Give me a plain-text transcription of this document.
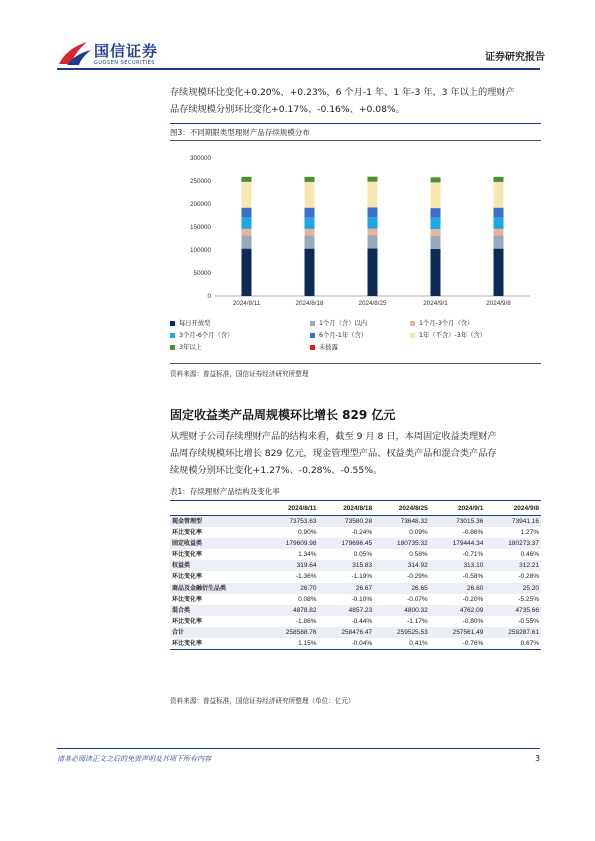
国信证券
GUOSEN SECURITIES	证券研究报告
存续规模环比变化+0.20%、+0.23%，6 个月-1 年、1 年-3 年、3 年以上的理财产
品存续规模分别环比变化+0.17%、-0.16%、+0.08%。
图3：不同期限类型理财产品存续规模分布
0
50000
100000
150000
200000
250000
300000
2024/8/11	2024/8/18	2024/8/25	2024/9/1	2024/9/8
每日开放型	1个月（含）以内	1个月-3个月（含）
3个月-6个月（含）	6个月-1年（含）	1年（不含）-3年（含）
3年以上	未披露
资料来源：普益标准，国信证券经济研究所整理
固定收益类产品周规模环比增长 829 亿元
从理财子公司存续理财产品的结构来看，截至 9 月 8 日，本周固定收益类理财产
品周存续规模环比增长 829 亿元，现金管理型产品、权益类产品和混合类产品存
续规模分别环比变化+1.27%、-0.28%、-0.55%。
表1：存续理财产品结构及变化率
	2024/8/11	2024/8/18	2024/8/25	2024/9/1	2024/9/8
现金管理型	73753.63	73580.28	73648.32	73015.36	73941.16
环比变化率	0.90%	-0.24%	0.09%	-0.86%	1.27%
固定收益类	179609.98	179696.45	180735.32	179444.34	180273.37
环比变化率	1.34%	0.05%	0.58%	-0.71%	0.46%
权益类	319.64	315.83	314.92	313.10	312.21
环比变化率	-1.36%	-1.19%	-0.29%	-0.58%	-0.28%
商品及金融衍生品类	26.70	26.67	26.65	26.60	25.20
环比变化率	0.08%	-0.10%	-0.07%	-0.20%	-5.25%
混合类	4878.82	4857.23	4800.32	4762.09	4735.66
环比变化率	-1.86%	-0.44%	-1.17%	-0.80%	-0.55%
合计	258588.76	258476.47	259525.53	257561.49	259287.61
环比变化率	1.15%	-0.04%	0.41%	-0.76%	0.67%
资料来源：普益标准，国信证券经济研究所整理（单位：亿元）
请务必阅读正文之后的免责声明及其项下所有内容	3
